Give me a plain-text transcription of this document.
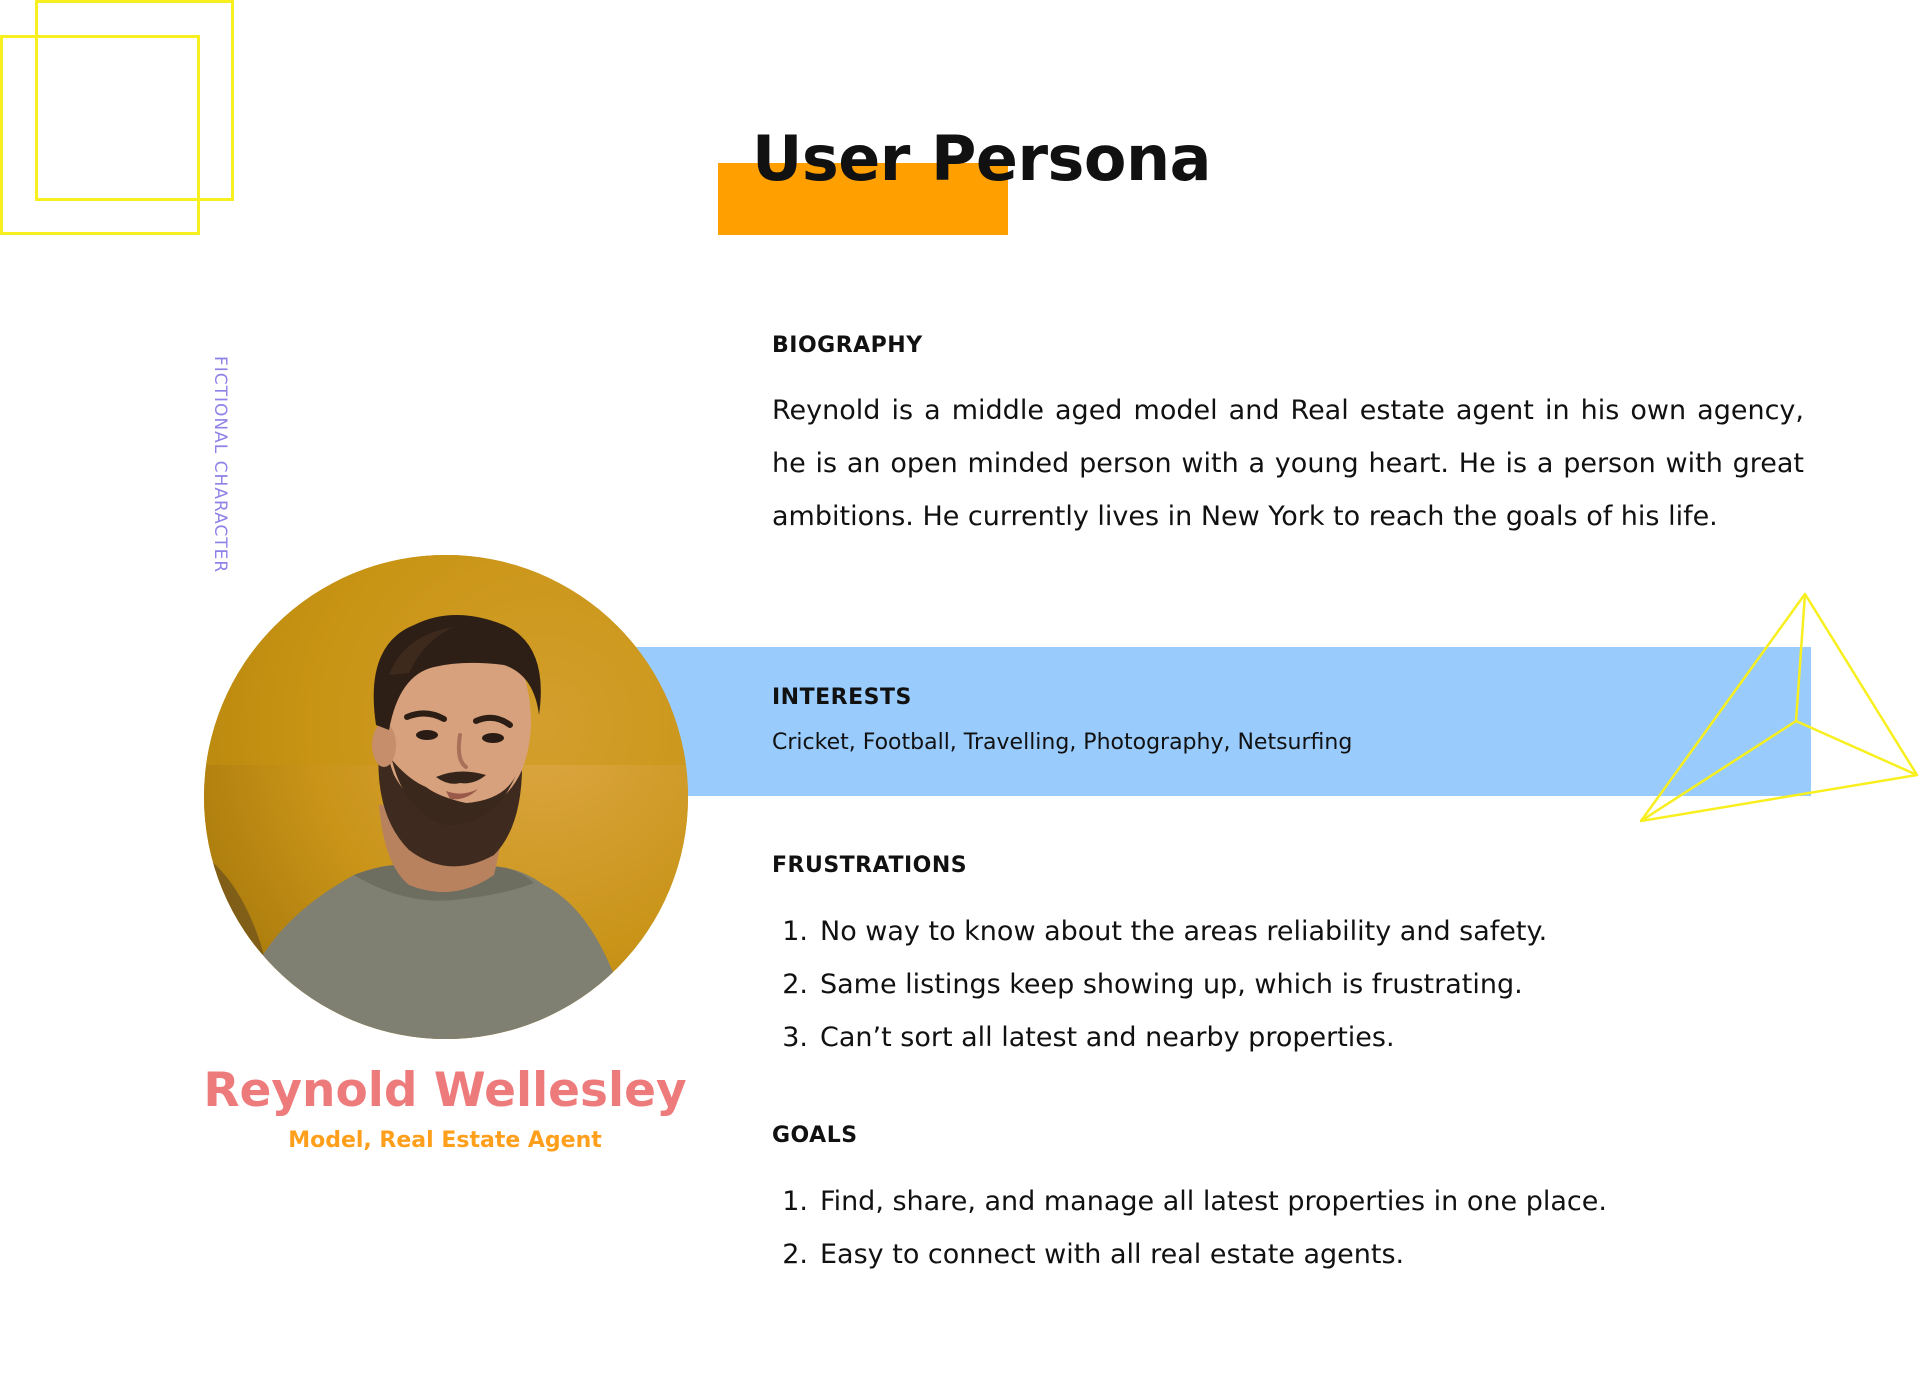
User Persona
FICTIONAL CHARACTER
Reynold Wellesley
Model, Real Estate Agent
BIOGRAPHY

Reynold is a middle aged model and Real estate agent in his own agency, he is an open minded person with a young heart. He is a person with great ambitions. He currently lives in New York to reach the goals of his life.

INTERESTS
Cricket, Football, Travelling, Photography, Netsurfing
FRUSTRATIONS
1. No way to know about the areas reliability and safety.
2. Same listings keep showing up, which is frustrating.
3. Can’t sort all latest and nearby properties.
GOALS
1. Find, share, and manage all latest properties in one place.
2. Easy to connect with all real estate agents.
